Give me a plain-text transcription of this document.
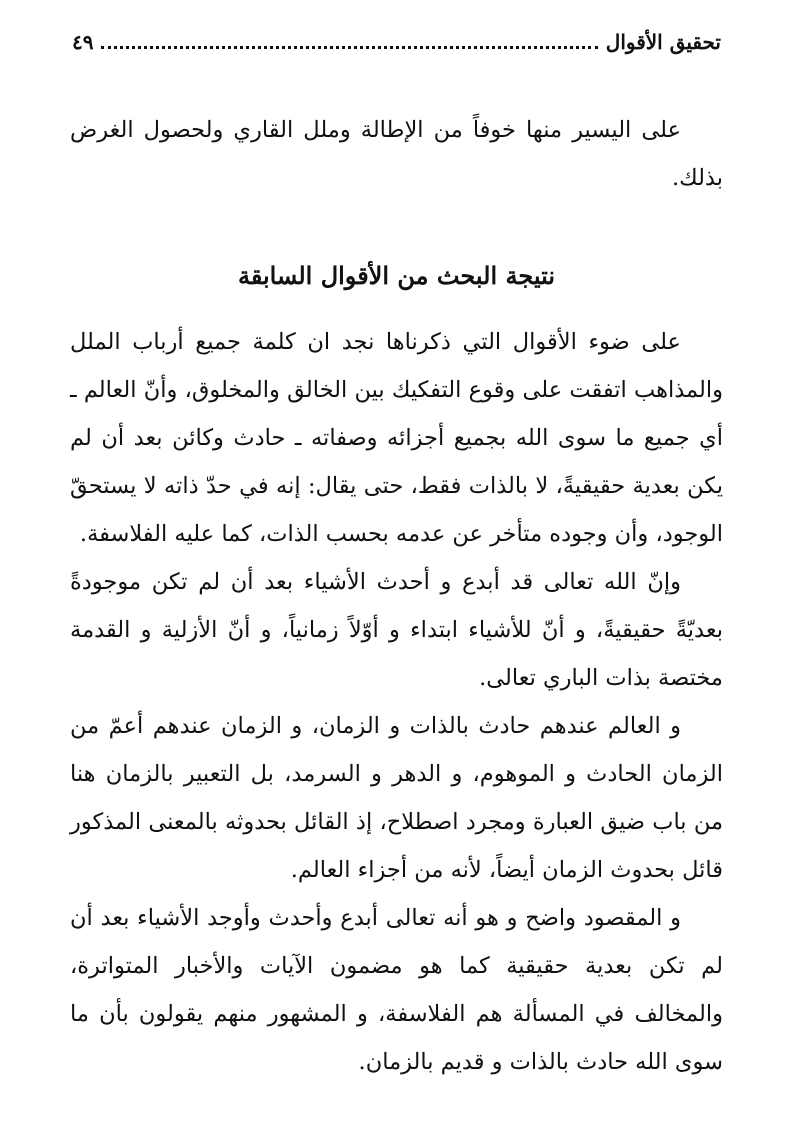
تحقيق الأقوال
٤٩

على اليسير منها خوفاً من الإطالة وملل القاري ولحصول الغرض بذلك.

نتيجة البحث من الأقوال السابقة

على ضوء الأقوال التي ذكرناها نجد ان كلمة جميع أرباب الملل والمذاهب اتفقت على وقوع التفكيك بين الخالق والمخلوق، وأنّ العالم ـ أي جميع ما سوى الله بجميع أجزائه وصفاته ـ حادث وكائن بعد أن لم يكن بعدية حقيقيةً، لا بالذات فقط، حتى يقال: إنه في حدّ ذاته لا يستحقّ الوجود، وأن وجوده متأخر عن عدمه بحسب الذات، كما عليه الفلاسفة.

وإنّ الله تعالى قد أبدع و أحدث الأشياء بعد أن لم تكن موجودةً بعديّةً حقيقيةً، و أنّ للأشياء ابتداء و أوّلاً زمانياً، و أنّ الأزلية و القدمة مختصة بذات الباري تعالى.

و العالم عندهم حادث بالذات و الزمان، و الزمان عندهم أعمّ من الزمان الحادث و الموهوم، و الدهر و السرمد، بل التعبير بالزمان هنا من باب ضيق العبارة ومجرد اصطلاح، إذ القائل بحدوثه بالمعنى المذكور قائل بحدوث الزمان أيضاً، لأنه من أجزاء العالم.

و المقصود واضح و هو أنه تعالى أبدع وأحدث وأوجد الأشياء بعد أن لم تكن بعدية حقيقية كما هو مضمون الآيات والأخبار المتواترة، والمخالف في المسألة هم الفلاسفة، و المشهور منهم يقولون بأن ما سوى الله حادث بالذات و قديم بالزمان.
